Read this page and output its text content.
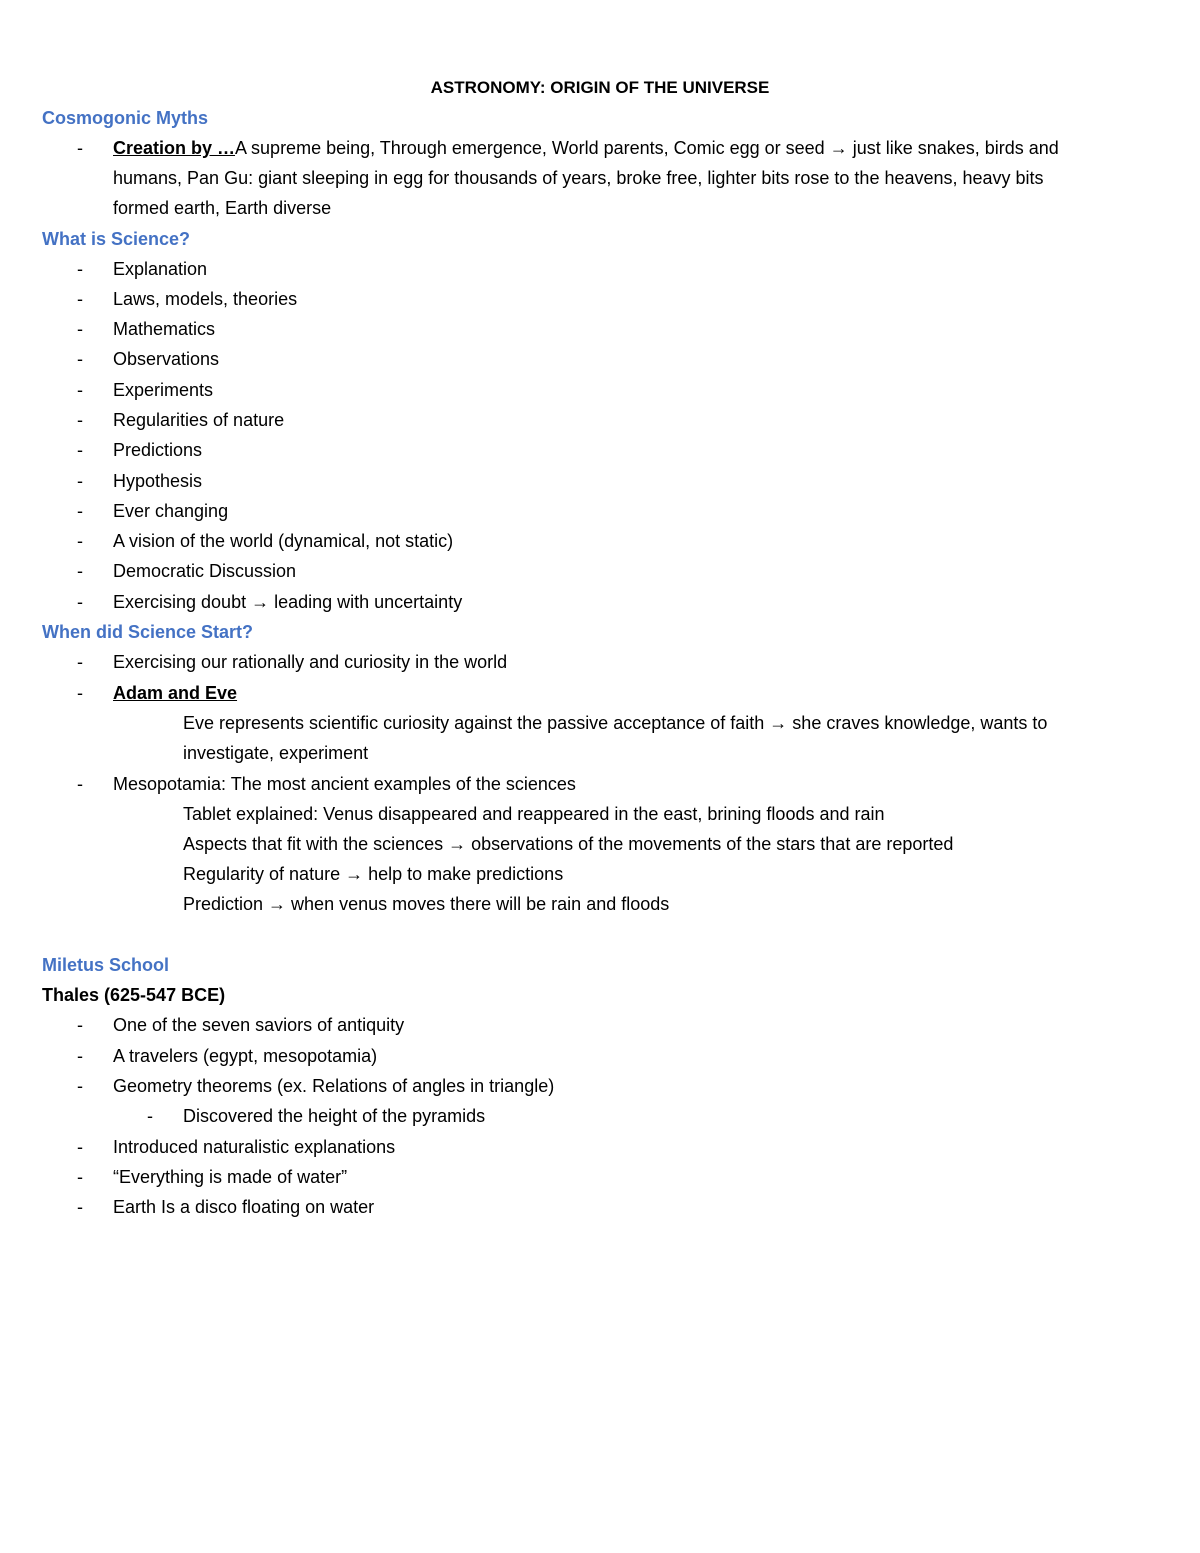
ASTRONOMY: ORIGIN OF THE UNIVERSE
Cosmogonic Myths
-	Creation by …A supreme being, Through emergence, World parents, Comic egg or seed → just like snakes, birds and
humans, Pan Gu: giant sleeping in egg for thousands of years, broke free, lighter bits rose to the heavens, heavy bits
formed earth, Earth diverse
What is Science?
-	Explanation
-	Laws, models, theories
-	Mathematics
-	Observations
-	Experiments
-	Regularities of nature
-	Predictions
-	Hypothesis
-	Ever changing
-	A vision of the world (dynamical, not static)
-	Democratic Discussion
-	Exercising doubt → leading with uncertainty
When did Science Start?
-	Exercising our rationally and curiosity in the world
-	Adam and Eve
Eve represents scientific curiosity against the passive acceptance of faith → she craves knowledge, wants to
investigate, experiment
-	Mesopotamia: The most ancient examples of the sciences
Tablet explained: Venus disappeared and reappeared in the east, brining floods and rain
Aspects that fit with the sciences → observations of the movements of the stars that are reported
Regularity of nature → help to make predictions
Prediction → when venus moves there will be rain and floods
Miletus School
Thales (625-547 BCE)
-	One of the seven saviors of antiquity
-	A travelers (egypt, mesopotamia)
-	Geometry theorems (ex. Relations of angles in triangle)
- Discovered the height of the pyramids
-	Introduced naturalistic explanations
-	“Everything is made of water”
-	Earth Is a disco floating on water
